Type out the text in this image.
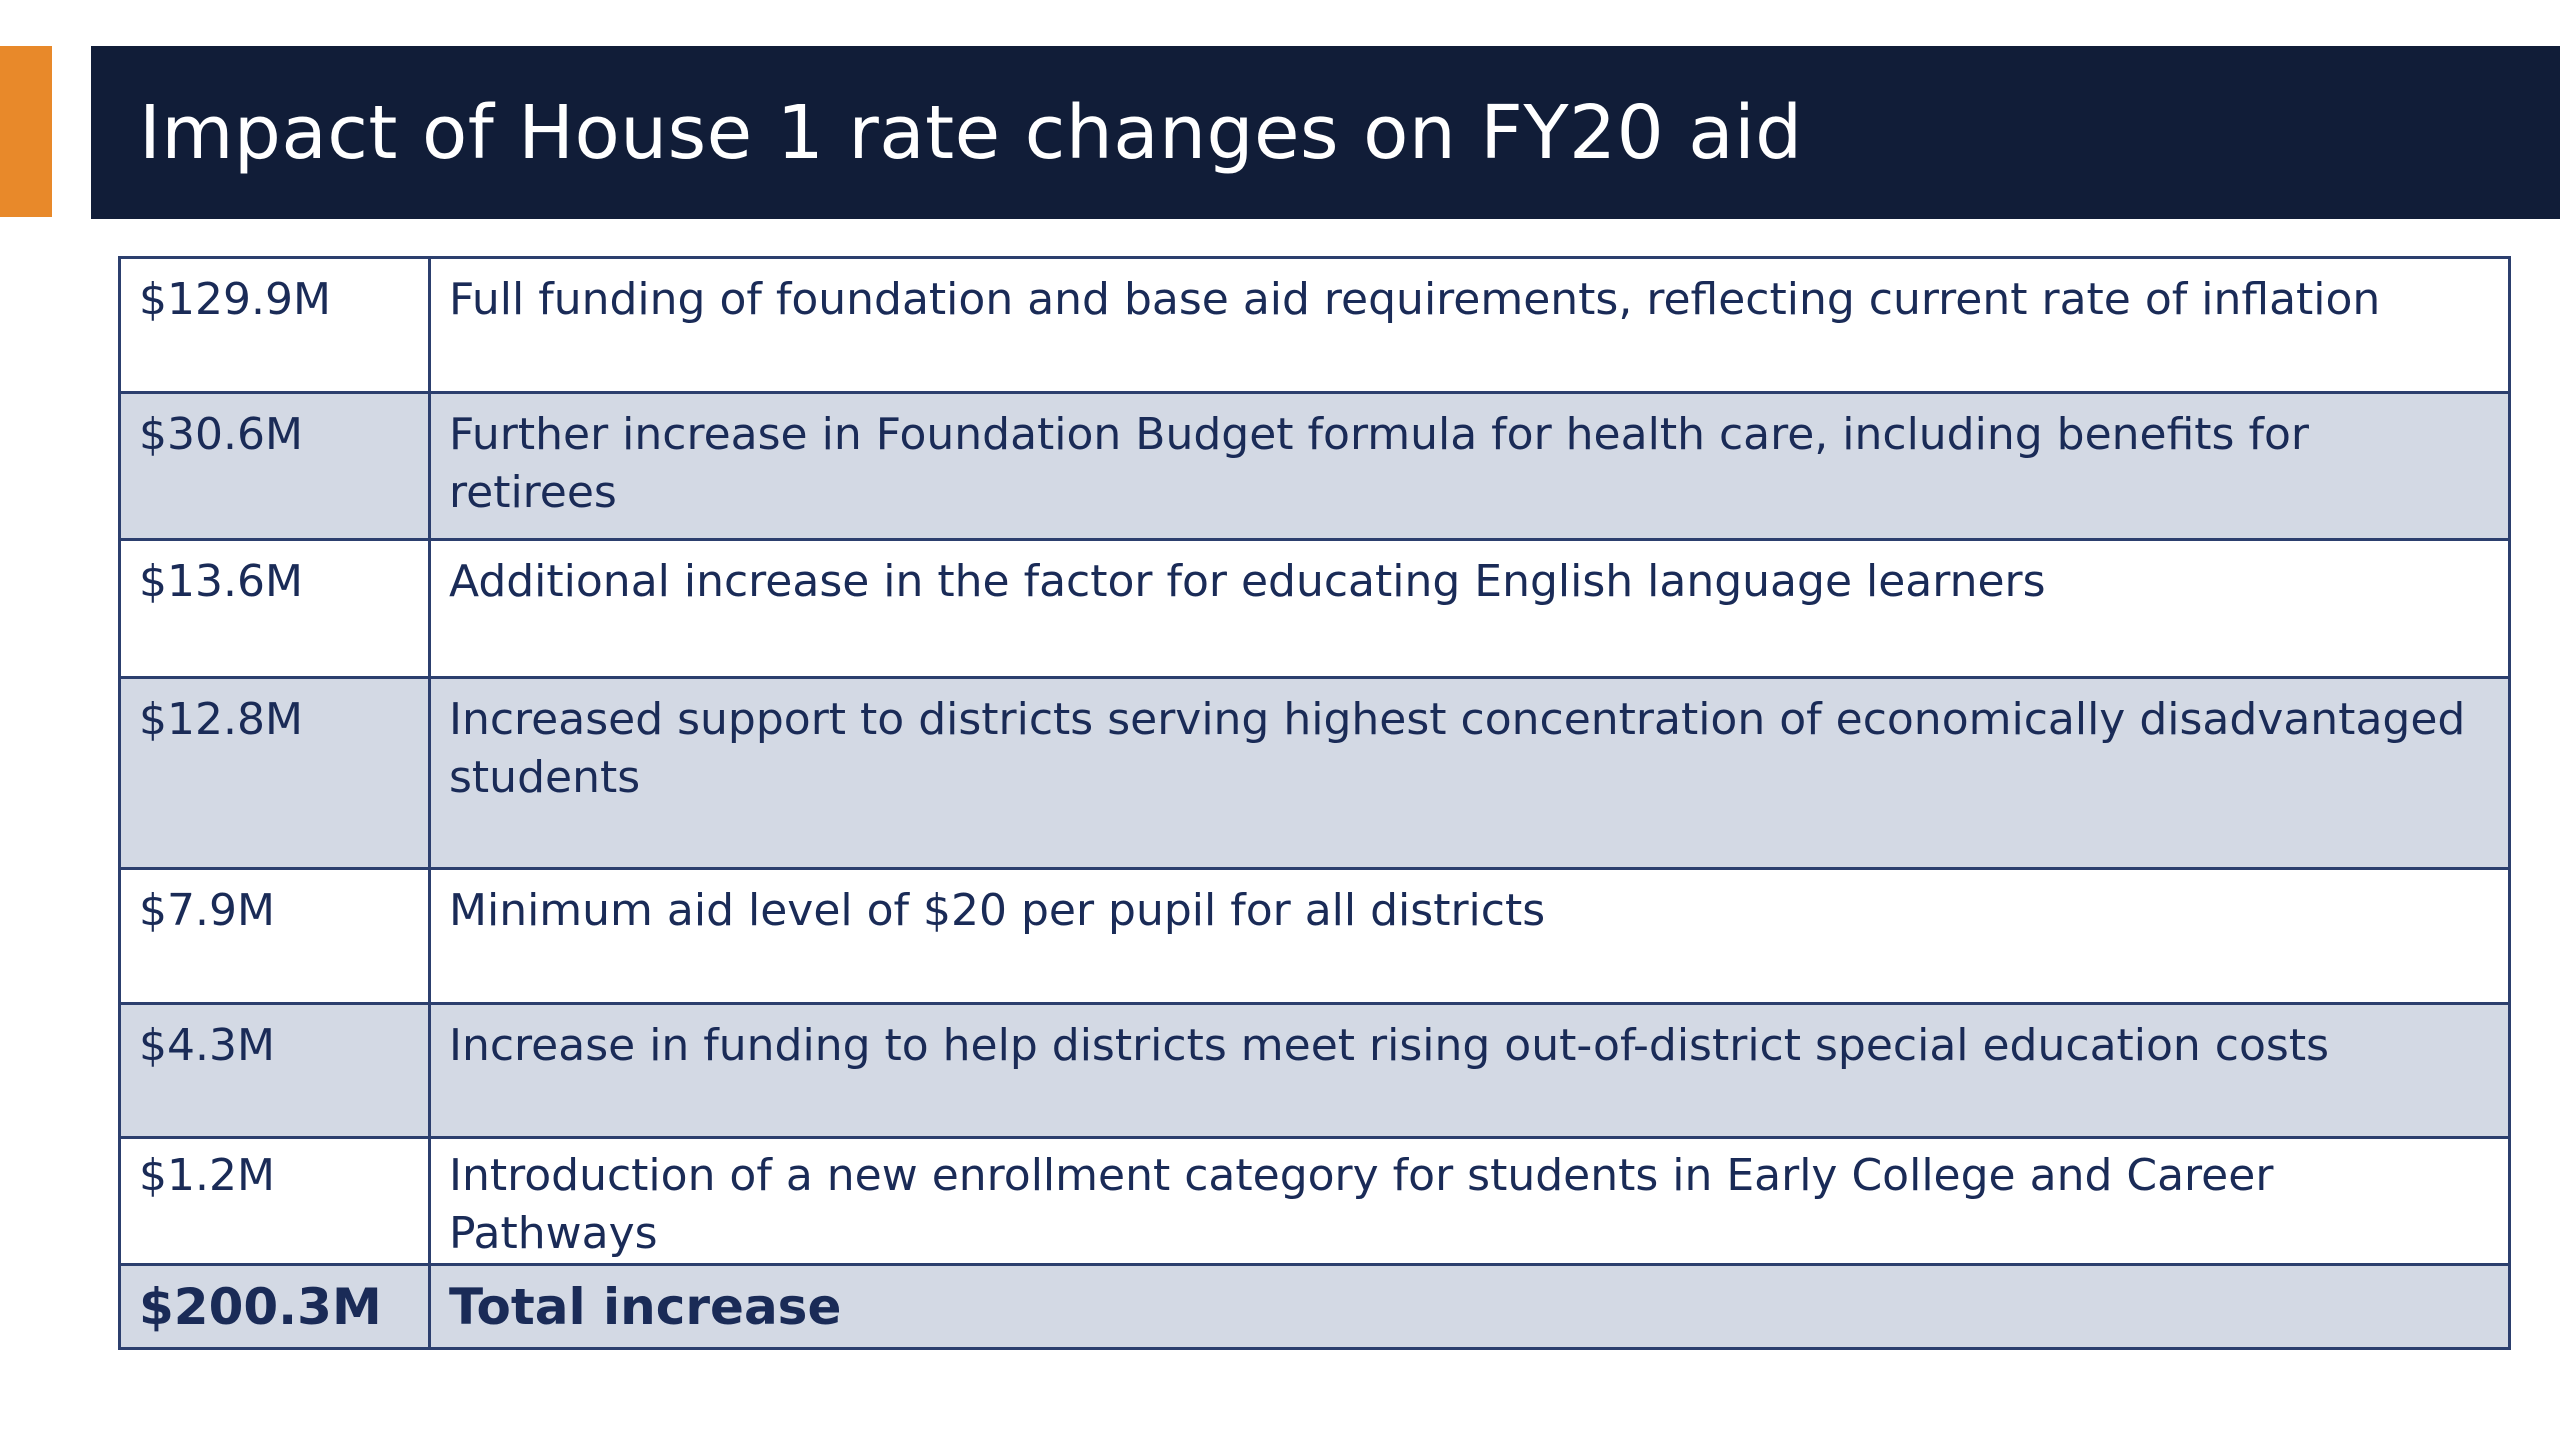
Impact of House 1 rate changes on FY20 aid
$129.9M	Full funding of foundation and base aid requirements, reflecting current rate of inflation
$30.6M	Further increase in Foundation Budget formula for health care, including benefits for retirees
$13.6M	Additional increase in the factor for educating English language learners
$12.8M	Increased support to districts serving highest concentration of economically disadvantaged students
$7.9M	Minimum aid level of $20 per pupil for all districts
$4.3M	Increase in funding to help districts meet rising out-of-district special education costs
$1.2M	Introduction of a new enrollment category for students in Early College and Career Pathways
$200.3M	Total increase
